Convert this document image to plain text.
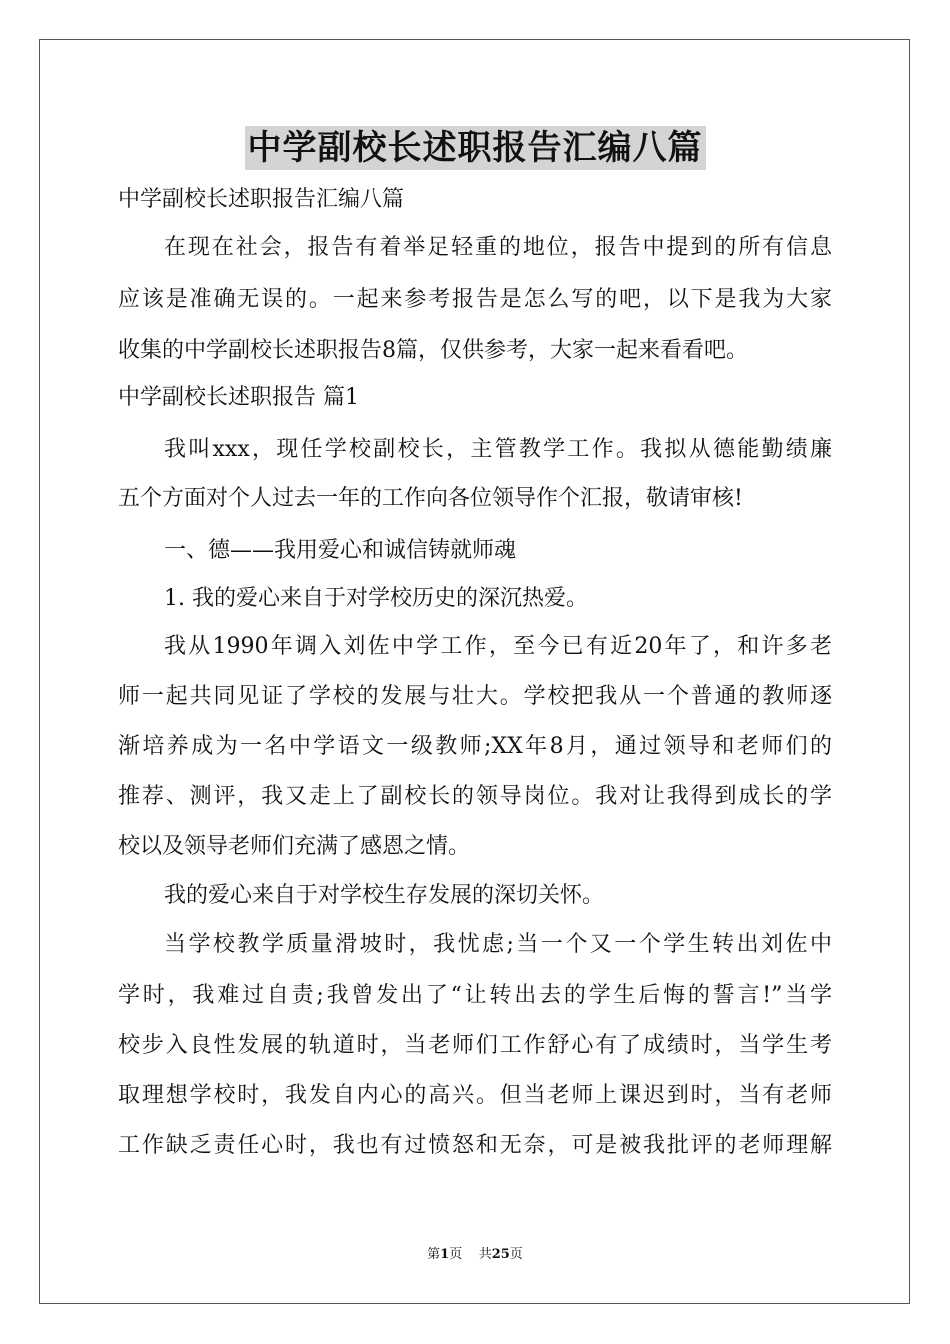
中学副校长述职报告汇编八篇
中学副校长述职报告汇编八篇
在现在社会，报告有着举足轻重的地位，报告中提到的所有信息
应该是准确无误的。一起来参考报告是怎么写的吧，以下是我为大家
收集的中学副校长述职报告8篇，仅供参考，大家一起来看看吧。
中学副校长述职报告 篇1
我叫xxx，现任学校副校长，主管教学工作。我拟从德能勤绩廉
五个方面对个人过去一年的工作向各位领导作个汇报，敬请审核!
一、德——我用爱心和诚信铸就师魂
1. 我的爱心来自于对学校历史的深沉热爱。
我从1990年调入刘佐中学工作，至今已有近20年了，和许多老
师一起共同见证了学校的发展与壮大。学校把我从一个普通的教师逐
渐培养成为一名中学语文一级教师;XX年8月，通过领导和老师们的
推荐、测评，我又走上了副校长的领导岗位。我对让我得到成长的学
校以及领导老师们充满了感恩之情。
我的爱心来自于对学校生存发展的深切关怀。
当学校教学质量滑坡时，我忧虑;当一个又一个学生转出刘佐中
学时，我难过自责;我曾发出了“让转出去的学生后悔的誓言!”当学
校步入良性发展的轨道时，当老师们工作舒心有了成绩时，当学生考
取理想学校时，我发自内心的高兴。但当老师上课迟到时，当有老师
工作缺乏责任心时，我也有过愤怒和无奈，可是被我批评的老师理解
第1页 共25页
